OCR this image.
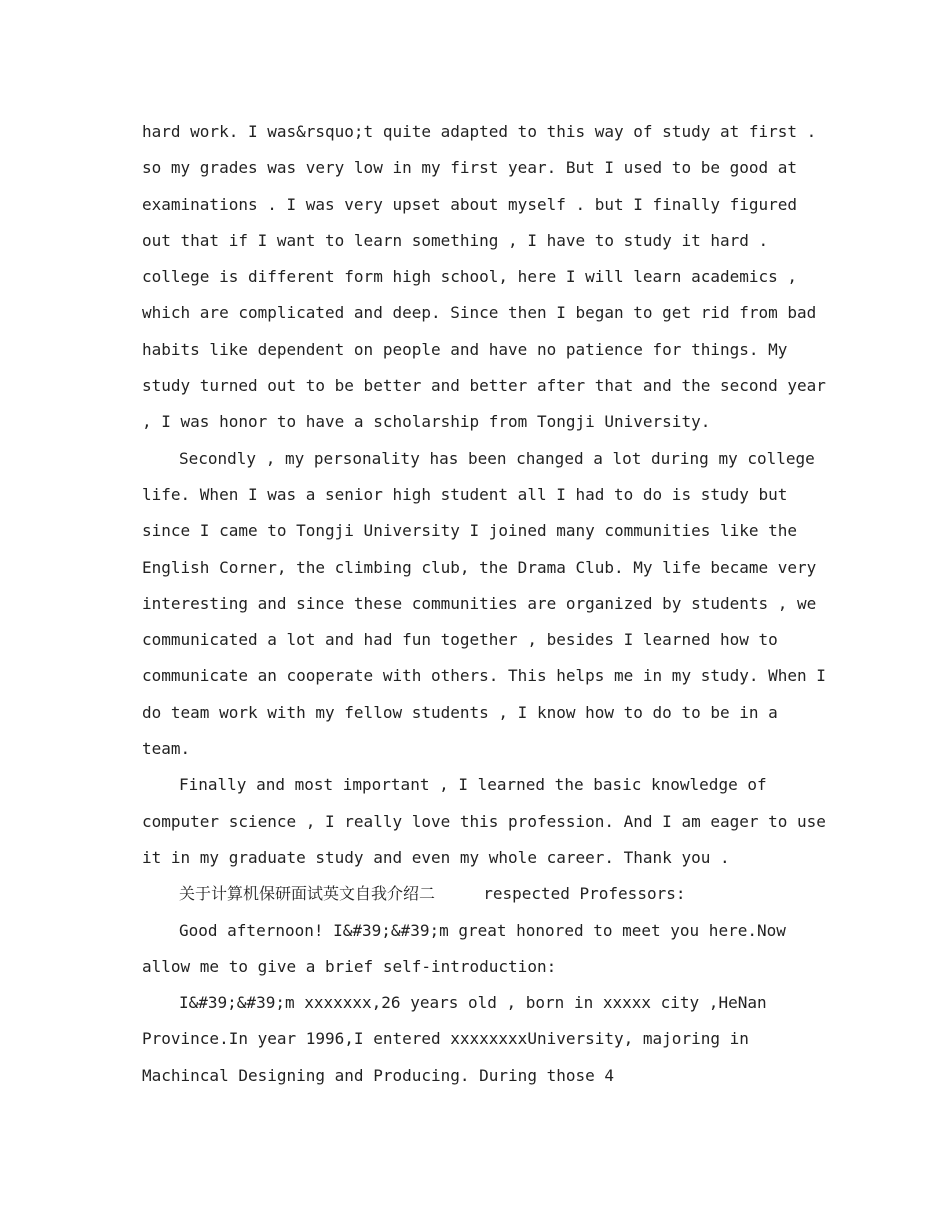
hard work. I was&rsquo;t quite adapted to this way of study at first .
so my grades was very low in my first year. But I used to be good at
examinations . I was very upset about myself . but I finally figured
out that if I want to learn something , I have to study it hard .
college is different form high school, here I will learn academics ,
which are complicated and deep. Since then I began to get rid from bad
habits like dependent on people and have no patience for things. My
study turned out to be better and better after that and the second year
, I was honor to have a scholarship from Tongji University.
Secondly , my personality has been changed a lot during my college
life. When I was a senior high student all I had to do is study but
since I came to Tongji University I joined many communities like the
English Corner, the climbing club, the Drama Club. My life became very
interesting and since these communities are organized by students , we
communicated a lot and had fun together , besides I learned how to
communicate an cooperate with others. This helps me in my study. When I
do team work with my fellow students , I know how to do to be in a
team.
Finally and most important , I learned the basic knowledge of
computer science , I really love this profession. And I am eager to use
it in my graduate study and even my whole career. Thank you .
关于计算机保研面试英文自我介绍二	respected Professors:
Good afternoon! I&#39;&#39;m great honored to meet you here.Now
allow me to give a brief self-introduction:
I&#39;&#39;m xxxxxxx,26 years old , born in xxxxx city ,HeNan
Province.In year 1996,I entered xxxxxxxxUniversity, majoring in
Machincal Designing and Producing. During those 4
